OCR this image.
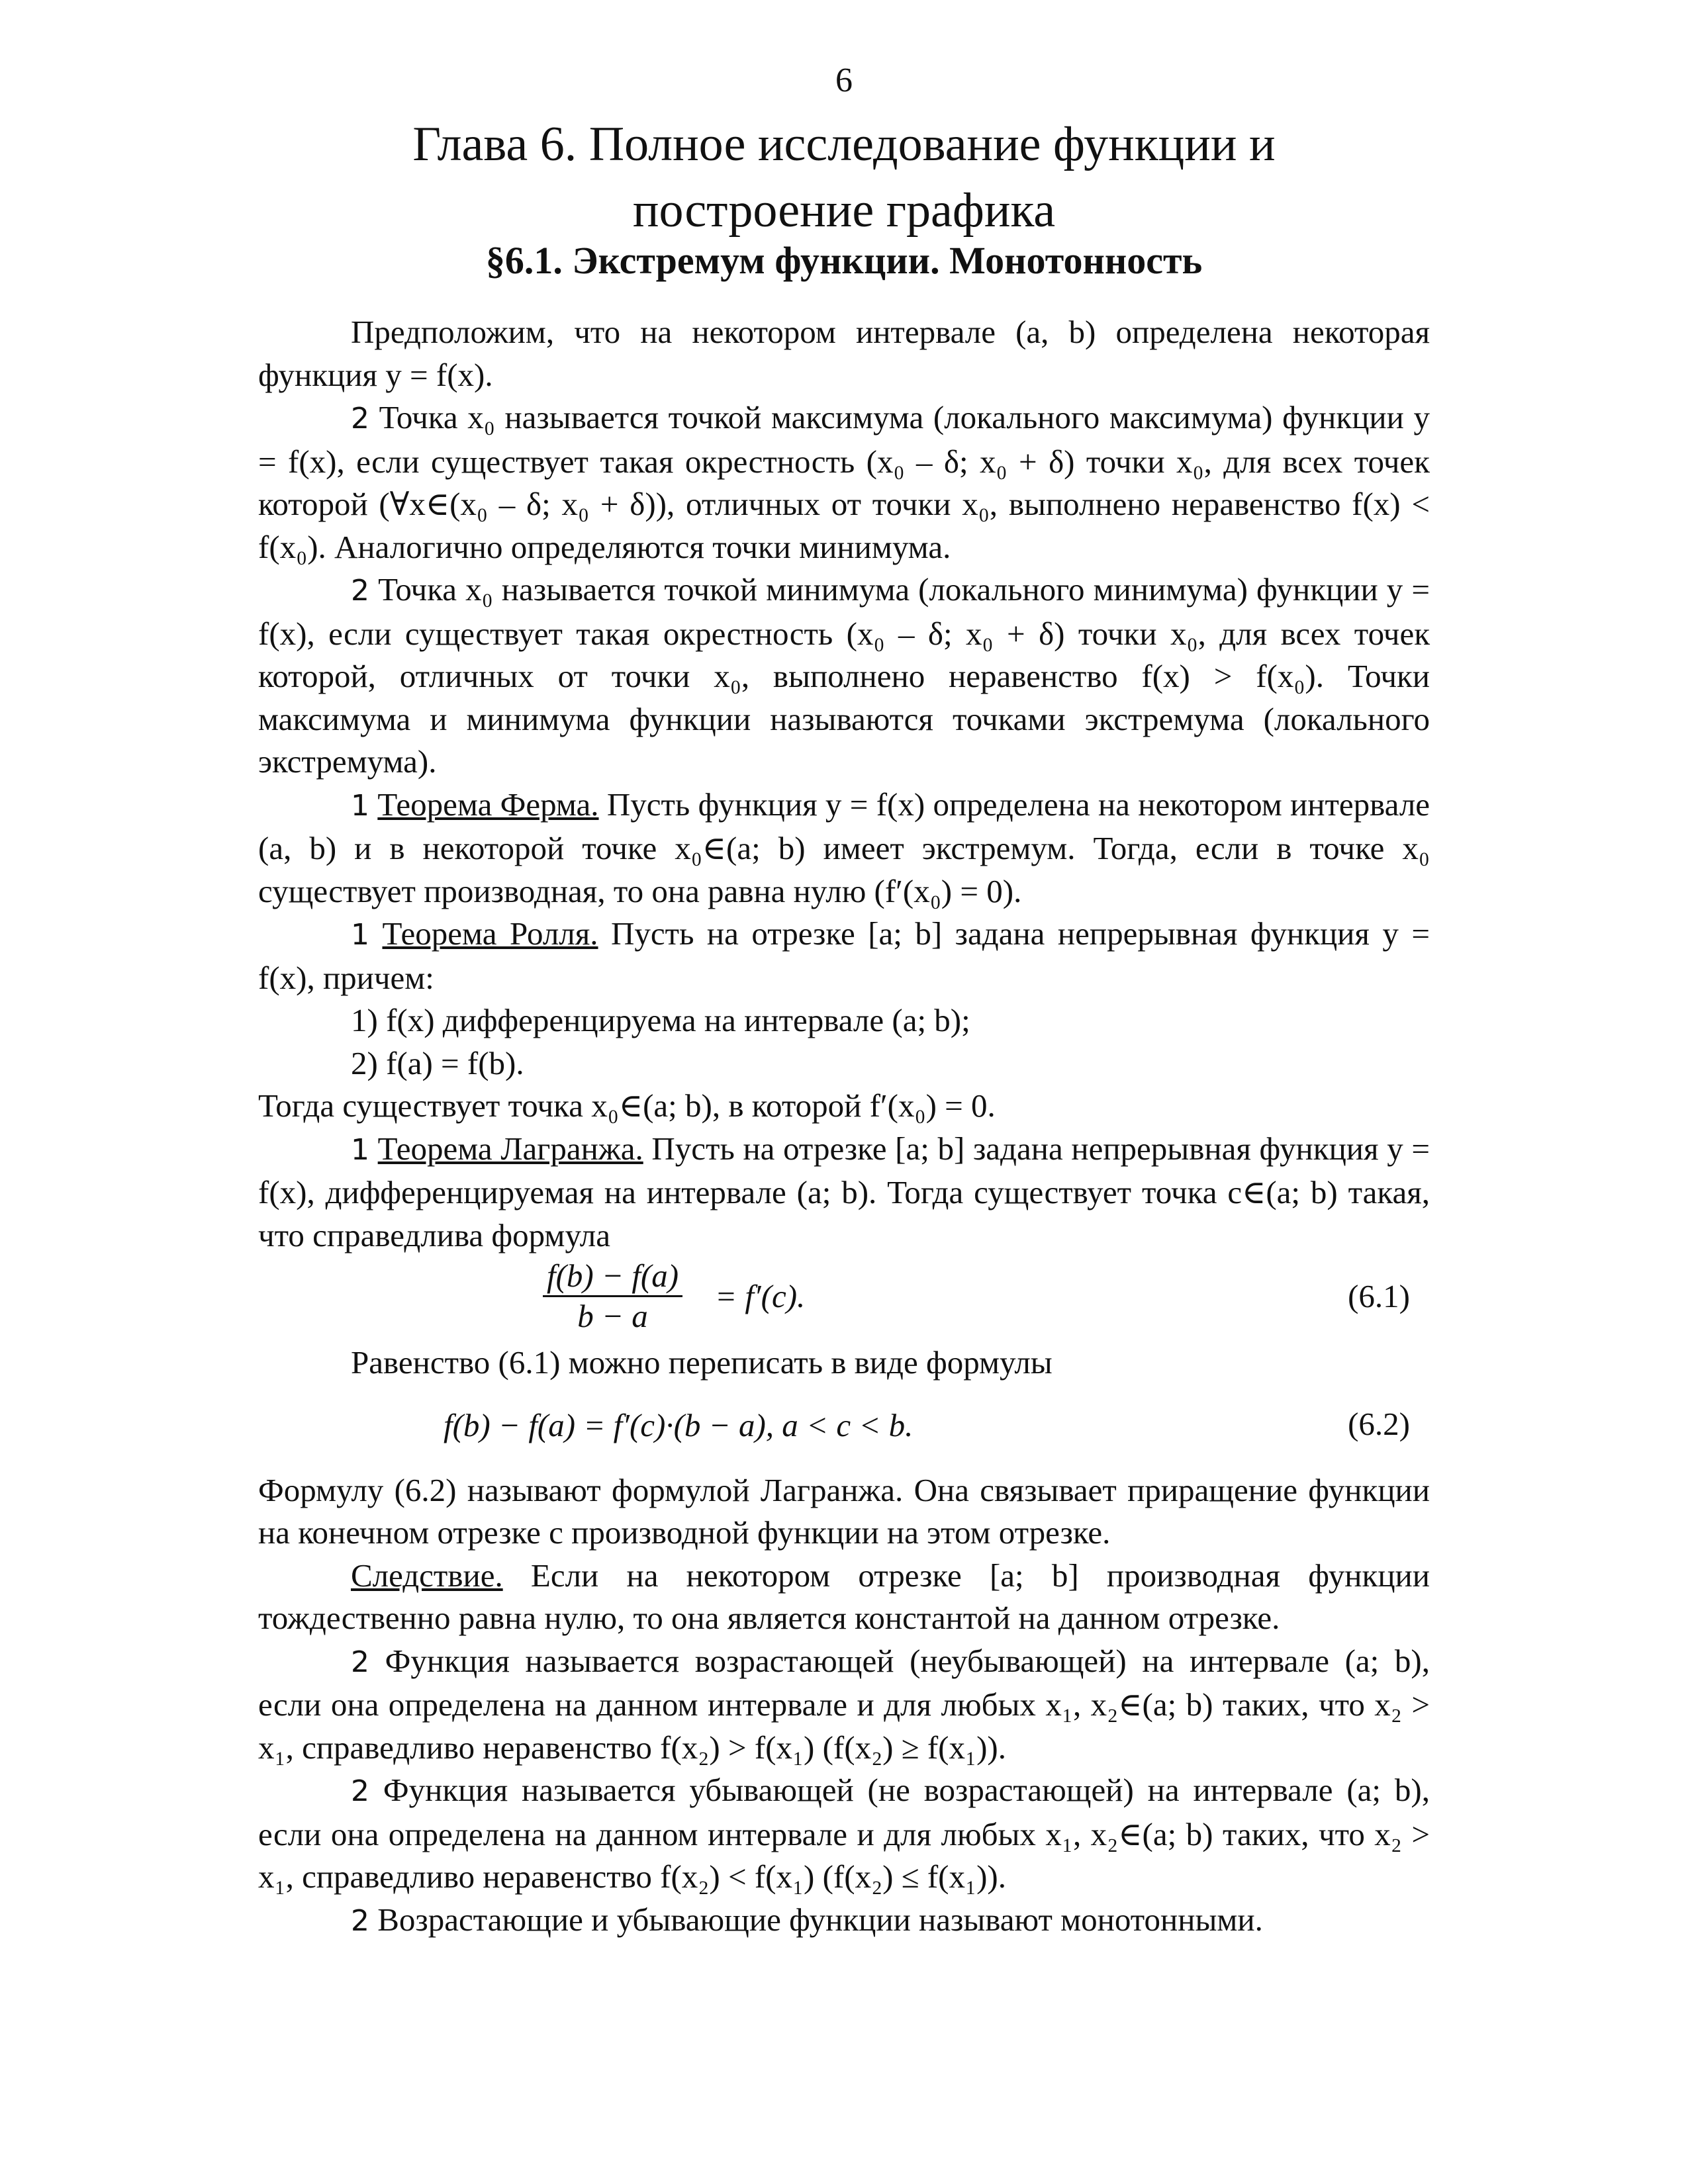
6
Глава 6. Полное исследование функции и
построение графика
§6.1. Экстремум функции. Монотонность

Предположим, что на некотором интервале (a, b) определена некоторая функция y = f(x).

2 Точка x₀ называется точкой максимума (локального максимума) функции y = f(x), если существует такая окрестность (x₀ – δ; x₀ + δ) точки x₀, для всех точек которой (∀x∈(x₀ – δ; x₀ + δ)), отличных от точки x₀, выполнено неравенство f(x) < f(x₀). Аналогично определяются точки минимума.

2 Точка x₀ называется точкой минимума (локального минимума) функции y = f(x), если существует такая окрестность (x₀ – δ; x₀ + δ) точки x₀, для всех точек которой, отличных от точки x₀, выполнено неравенство f(x) > f(x₀). Точки максимума и минимума функции называются точками экстремума (локального экстремума).

1 Теорема Ферма. Пусть функция y = f(x) определена на некотором интервале (a, b) и в некоторой точке x₀∈(a; b) имеет экстремум. Тогда, если в точке x₀ существует производная, то она равна нулю (f′(x₀) = 0).

1 Теорема Ролля. Пусть на отрезке [a; b] задана непрерывная функция y = f(x), причем:

1) f(x) дифференцируема на интервале (a; b);

2) f(a) = f(b).

Тогда существует точка x₀∈(a; b), в которой f′(x₀) = 0.

1 Теорема Лагранжа. Пусть на отрезке [a; b] задана непрерывная функция y = f(x), дифференцируемая на интервале (a; b). Тогда существует точка c∈(a; b) такая, что справедлива формула

$\frac{f(b) - f(a)}{b - a} = f'(c)$.	(6.1)

Равенство (6.1) можно переписать в виде формулы

f(b) − f(a) = f′(c)·(b − a), a < c < b.	(6.2)

Формулу (6.2) называют формулой Лагранжа. Она связывает приращение функции на конечном отрезке с производной функции на этом отрезке.

Следствие. Если на некотором отрезке [a; b] производная функции тождественно равна нулю, то она является константой на данном отрезке.

2 Функция называется возрастающей (неубывающей) на интервале (a; b), если она определена на данном интервале и для любых x₁, x₂∈(a; b) таких, что x₂ > x₁, справедливо неравенство f(x₂) > f(x₁) (f(x₂) ≥ f(x₁)).

2 Функция называется убывающей (не возрастающей) на интервале (a; b), если она определена на данном интервале и для любых x₁, x₂∈(a; b) таких, что x₂ > x₁, справедливо неравенство f(x₂) < f(x₁) (f(x₂) ≤ f(x₁)).

2 Возрастающие и убывающие функции называют монотонными.
